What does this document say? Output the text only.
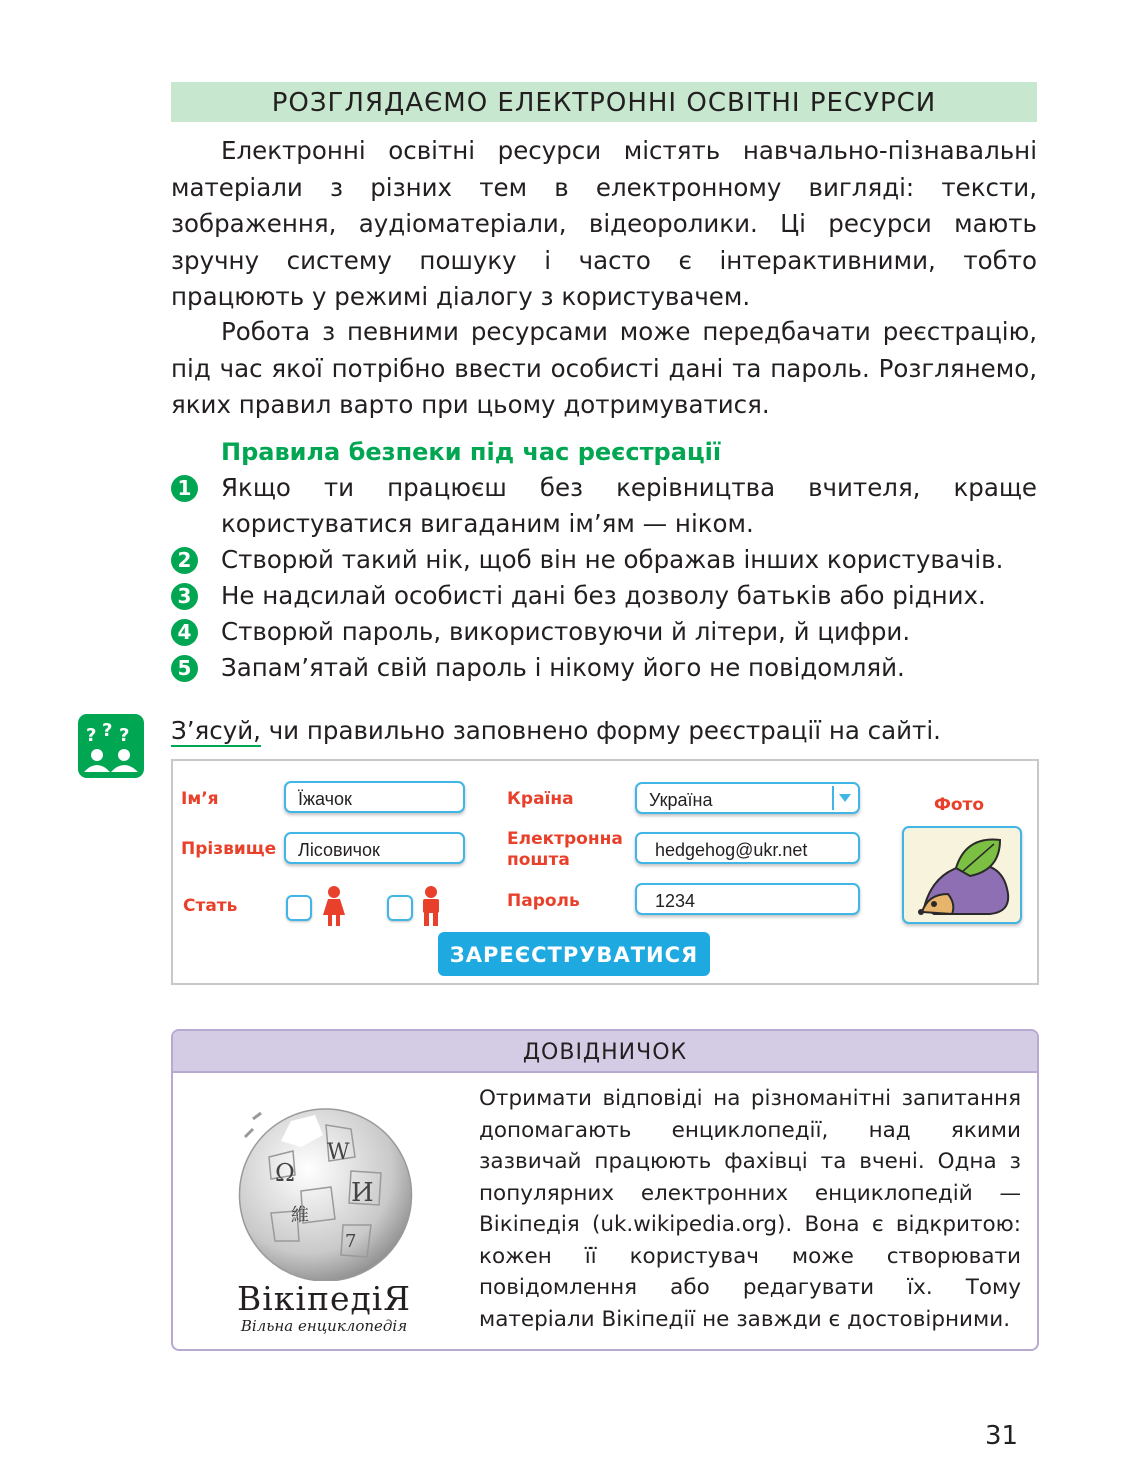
РОЗГЛЯДАЄМО ЕЛЕКТРОННІ ОСВІТНІ РЕСУРСИ

Електронні освітні ресурси містять навчально-пізнавальні матеріали з різних тем в електронному вигляді: тексти, зображення, аудіоматеріали, відеоролики. Ці ресурси мають зручну систему пошуку і часто є інтерактивними, тобто працюють у режимі діалогу з користувачем.

Робота з певними ресурсами може передбачати реєстрацію, під час якої потрібно ввести особисті дані та пароль. Розглянемо, яких правил варто при цьому дотримуватися.

Правила безпеки під час реєстрації
1 Якщо ти працюєш без керівництва вчителя, краще користуватися вигаданим ім’ям — ніком.
2 Створюй такий нік, щоб він не ображав інших користувачів.
3 Не надсилай особисті дані без дозволу батьків або рідних.
4 Створюй пароль, використовуючи й літери, й цифри.
5 Запам’ятай свій пароль і нікому його не повідомляй.
? ? ? З’ясуй, чи правильно заповнено форму реєстрації на сайті.
Ім’я	Їжачок
Прізвище	Лісовичок
Стать
Країна	Україна
Електронна
пошта	hedgehog@ukr.net
Пароль	1234
Фото
ЗАРЕЄСТРУВАТИСЯ
ДОВІДНИЧОК
W
Ω
И
維
7
ВікіпедіЯ
Вільна енциклопедія

Отримати відповіді на різноманітні запитання допомагають енциклопедії, над якими зазвичай працюють фахівці та вчені. Одна з популярних електронних енциклопедій — Вікіпедія (uk.wikipedia.org). Вона є відкритою: кожен її користувач може створювати повідомлення або редагувати їх. Тому матеріали Вікіпедії не завжди є достовірними.

31
